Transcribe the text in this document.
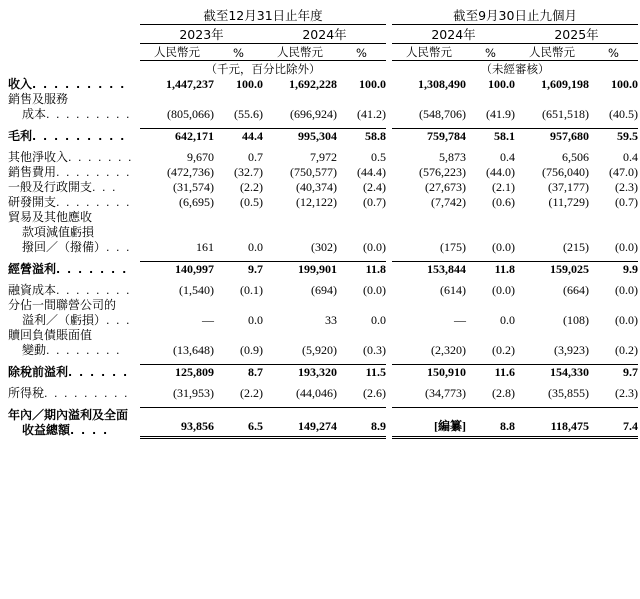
	截至12月31日止年度					截至9月30日止九個月			
	2023年		2024年			2024年		2025年	
	人民幣元	%	人民幣元	%		人民幣元	%	人民幣元	%
	（千元，百分比除外）					（未經審核）			
收入. . . . . . . . .	1,447,237	100.0	1,692,228	100.0		1,308,490	100.0	1,609,198	100.0
銷售及服務
成本. . . . . . . . .	(805,066)	(55.6)	(696,924)	(41.2)		(548,706)	(41.9)	(651,518)	(40.5)

毛利. . . . . . . . .	642,171	44.4	995,304	58.8		759,784	58.1	957,680	59.5

其他淨收入. . . . . . .	9,670	0.7	7,972	0.5		5,873	0.4	6,506	0.4
銷售費用. . . . . . . .	(472,736)	(32.7)	(750,577)	(44.4)		(576,223)	(44.0)	(756,040)	(47.0)
一般及行政開支. . .	(31,574)	(2.2)	(40,374)	(2.4)		(27,673)	(2.1)	(37,177)	(2.3)
研發開支. . . . . . . .	(6,695)	(0.5)	(12,122)	(0.7)		(7,742)	(0.6)	(11,729)	(0.7)
貿易及其他應收
款項減值虧損
撥回／（撥備）. . .	161	0.0	(302)	(0.0)		(175)	(0.0)	(215)	(0.0)

經營溢利. . . . . . .	140,997	9.7	199,901	11.8		153,844	11.8	159,025	9.9

融資成本. . . . . . . .	(1,540)	(0.1)	(694)	(0.0)		(614)	(0.0)	(664)	(0.0)
分佔一間聯營公司的
溢利／（虧損）. . .	—	0.0	33	0.0		—	0.0	(108)	(0.0)
贖回負債賬面值
變動. . . . . . . .	(13,648)	(0.9)	(5,920)	(0.3)		(2,320)	(0.2)	(3,923)	(0.2)

除稅前溢利. . . . . .	125,809	8.7	193,320	11.5		150,910	11.6	154,330	9.7

所得稅. . . . . . . . .	(31,953)	(2.2)	(44,046)	(2.6)		(34,773)	(2.8)	(35,855)	(2.3)

年內／期內溢利及全面
收益總額. . . .	93,856	6.5	149,274	8.9		[編纂]	8.8	118,475	7.4
